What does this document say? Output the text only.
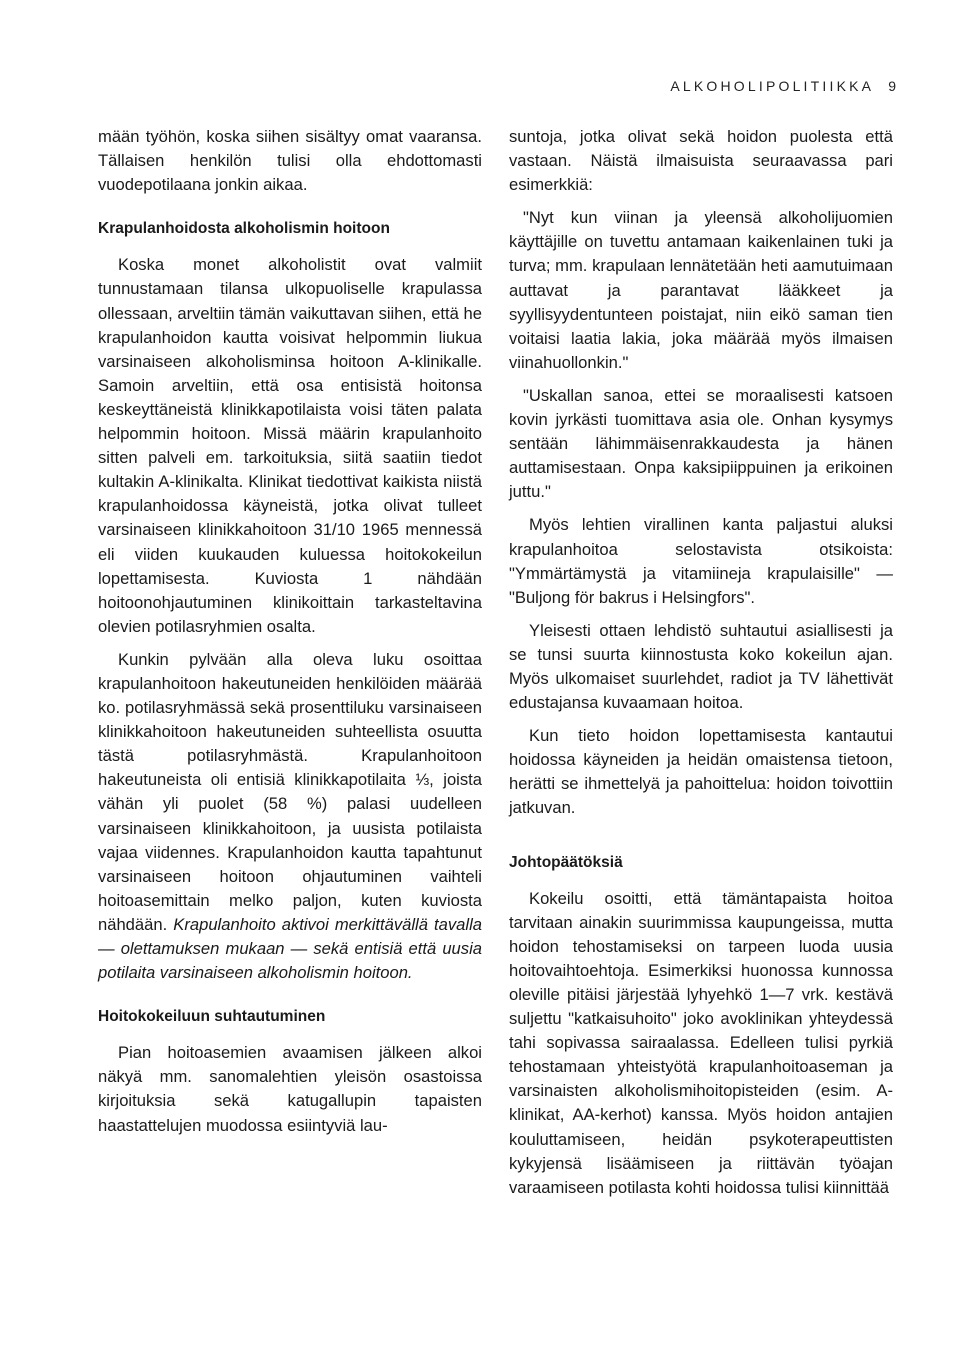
ALKOHOLIPOLITIIKKA 9

mään työhön, koska siihen sisältyy omat vaaransa. Tällaisen henkilön tulisi olla ehdottomasti vuodepotilaana jonkin aikaa.

Krapulanhoidosta alkoholismin hoitoon

Koska monet alkoholistit ovat valmiit tunnustamaan tilansa ulkopuoliselle krapulassa ollessaan, arveltiin tämän vaikuttavan siihen, että he krapulanhoidon kautta voisivat helpommin liukua varsinaiseen alkoholisminsa hoitoon A-klinikalle. Samoin arveltiin, että osa entisistä hoitonsa keskeyttäneistä klinikkapotilaista voisi täten palata helpommin hoitoon. Missä määrin krapulanhoito sitten palveli em. tarkoituksia, siitä saatiin tiedot kultakin A-klinikalta. Klinikat tiedottivat kaikista niistä krapulanhoidossa käyneistä, jotka olivat tulleet varsinaiseen klinikkahoitoon 31/10 1965 mennessä eli viiden kuukauden kuluessa hoitokokeilun lopettamisesta. Kuviosta 1 nähdään hoitoonohjautuminen klinikoittain tarkasteltavina olevien potilasryhmien osalta.

Kunkin pylvään alla oleva luku osoittaa krapulanhoitoon hakeutuneiden henkilöiden määrää ko. potilasryhmässä sekä prosenttiluku varsinaiseen klinikkahoitoon hakeutuneiden suhteellista osuutta tästä potilasryhmästä. Krapulanhoitoon hakeutuneista oli entisiä klinikkapotilaita ⅓, joista vähän yli puolet (58 %) palasi uudelleen varsinaiseen klinikkahoitoon, ja uusista potilaista vajaa viidennes. Krapulanhoidon kautta tapahtunut varsinaiseen hoitoon ohjautuminen vaihteli hoitoasemittain melko paljon, kuten kuviosta nähdään. Krapulanhoito aktivoi merkittävällä tavalla — olettamuksen mukaan — sekä entisiä että uusia potilaita varsinaiseen alkoholismin hoitoon.

Hoitokokeiluun suhtautuminen

Pian hoitoasemien avaamisen jälkeen alkoi näkyä mm. sanomalehtien yleisön osastoissa kirjoituksia sekä katugallupin tapaisten haastattelujen muodossa esiintyviä lau-

suntoja, jotka olivat sekä hoidon puolesta että vastaan. Näistä ilmaisuista seuraavassa pari esimerkkiä:

"Nyt kun viinan ja yleensä alkoholijuomien käyttäjille on tuvettu antamaan kaikenlainen tuki ja turva; mm. krapulaan lennätetään heti aamutuimaan auttavat ja parantavat lääkkeet ja syyllisyydentunteen poistajat, niin eikö saman tien voitaisi laatia lakia, joka määrää myös ilmaisen viinahuollonkin."

"Uskallan sanoa, ettei se moraalisesti katsoen kovin jyrkästi tuomittava asia ole. Onhan kysymys sentään lähimmäisenrakkaudesta ja hänen auttamisestaan. Onpa kaksipiippuinen ja erikoinen juttu."

Myös lehtien virallinen kanta paljastui aluksi krapulanhoitoa selostavista otsikoista: "Ymmärtämystä ja vitamiineja krapulaisille" — "Buljong för bakrus i Helsingfors".

Yleisesti ottaen lehdistö suhtautui asiallisesti ja se tunsi suurta kiinnostusta koko kokeilun ajan. Myös ulkomaiset suurlehdet, radiot ja TV lähettivät edustajansa kuvaamaan hoitoa.

Kun tieto hoidon lopettamisesta kantautui hoidossa käyneiden ja heidän omaistensa tietoon, herätti se ihmettelyä ja pahoittelua: hoidon toivottiin jatkuvan.

Johtopäätöksiä

Kokeilu osoitti, että tämäntapaista hoitoa tarvitaan ainakin suurimmissa kaupungeissa, mutta hoidon tehostamiseksi on tarpeen luoda uusia hoitovaihtoehtoja. Esimerkiksi huonossa kunnossa oleville pitäisi järjestää lyhyehkö 1—7 vrk. kestävä suljettu "katkaisuhoito" joko avoklinikan yhteydessä tahi sopivassa sairaalassa. Edelleen tulisi pyrkiä tehostamaan yhteistyötä krapulanhoitoaseman ja varsinaisten alkoholismihoitopisteiden (esim. A-klinikat, AA-kerhot) kanssa. Myös hoidon antajien kouluttamiseen, heidän psykoterapeuttisten kykyjensä lisäämiseen ja riittävän työajan varaamiseen potilasta kohti hoidossa tulisi kiinnittää
